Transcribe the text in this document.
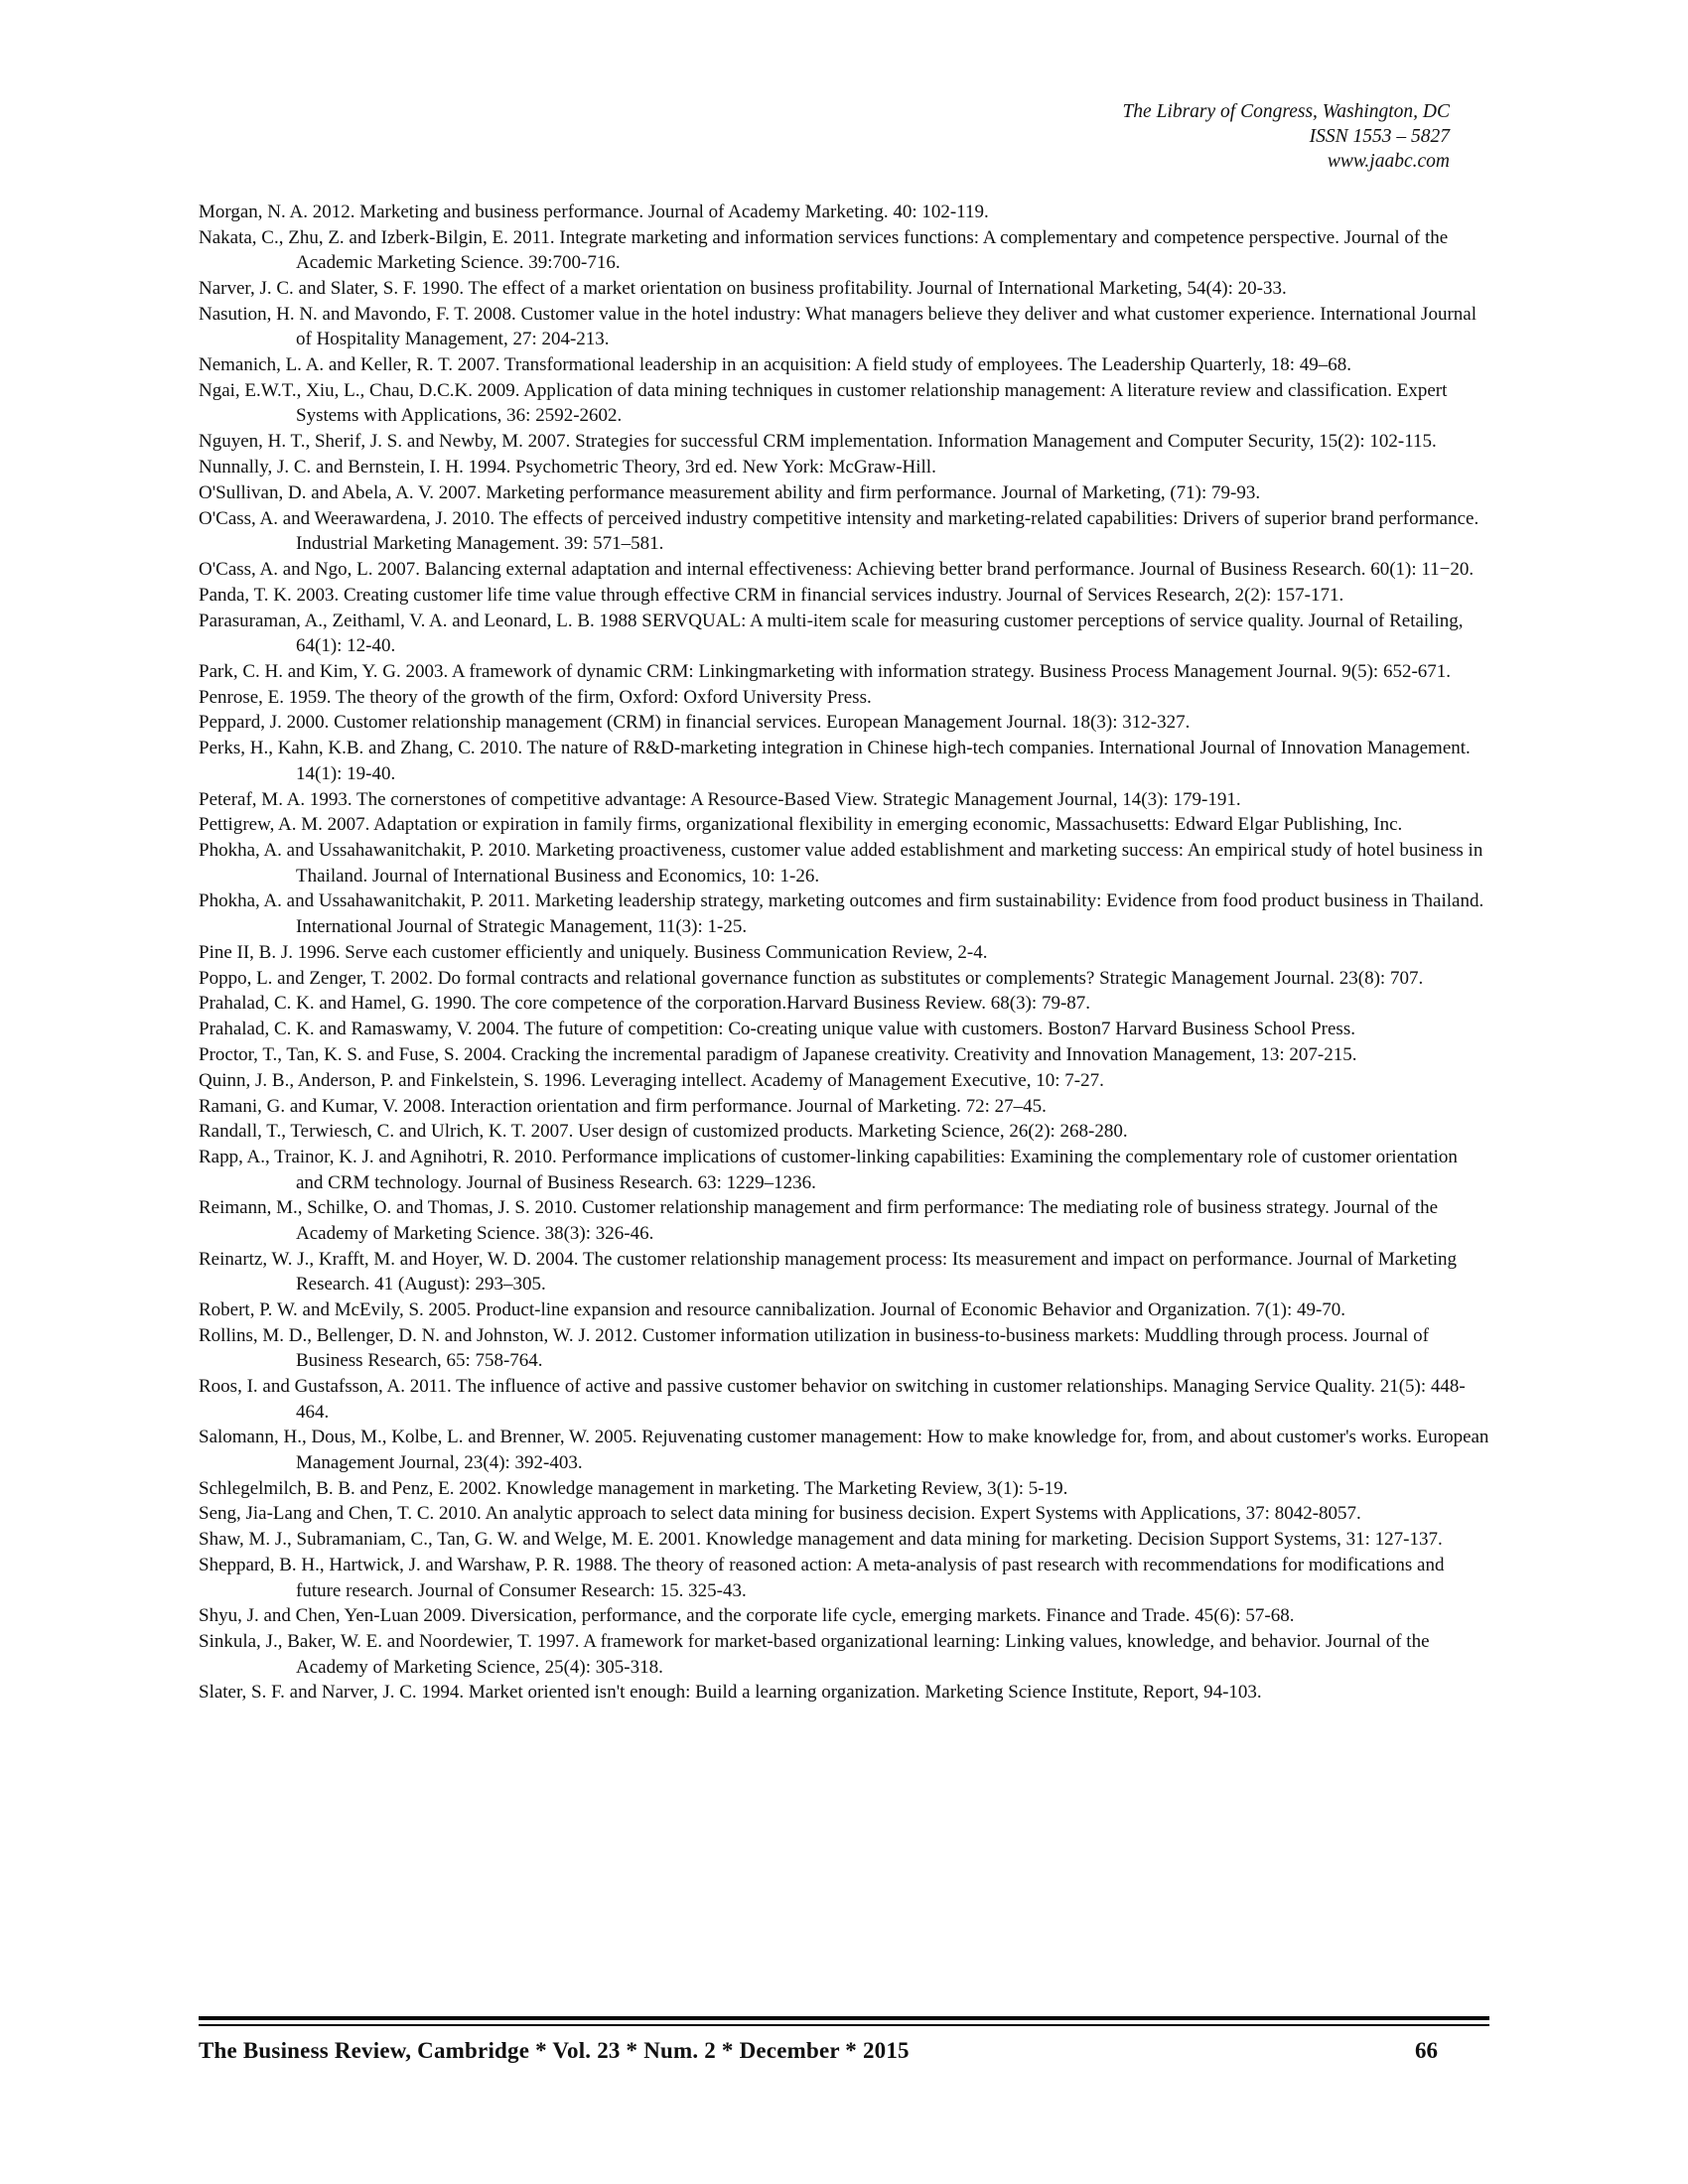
The Library of Congress, Washington, DC
ISSN 1553 – 5827
www.jaabc.com

Morgan, N. A. 2012. Marketing and business performance. Journal of Academy Marketing. 40: 102-119.

Nakata, C., Zhu, Z. and Izberk-Bilgin, E. 2011. Integrate marketing and information services functions: A complementary and competence perspective. Journal of the Academic Marketing Science. 39:700-716.

Narver, J. C. and Slater, S. F. 1990. The effect of a market orientation on business profitability. Journal of International Marketing, 54(4): 20-33.

Nasution, H. N. and Mavondo, F. T. 2008. Customer value in the hotel industry: What managers believe they deliver and what customer experience. International Journal of Hospitality Management, 27: 204-213.

Nemanich, L. A. and Keller, R. T. 2007. Transformational leadership in an acquisition: A field study of employees. The Leadership Quarterly, 18: 49–68.

Ngai, E.W.T., Xiu, L., Chau, D.C.K. 2009. Application of data mining techniques in customer relationship management: A literature review and classification. Expert Systems with Applications, 36: 2592-2602.

Nguyen, H. T., Sherif, J. S. and Newby, M. 2007. Strategies for successful CRM implementation. Information Management and Computer Security, 15(2): 102-115.

Nunnally, J. C. and Bernstein, I. H. 1994. Psychometric Theory, 3rd ed. New York: McGraw-Hill.

O'Sullivan, D. and Abela, A. V. 2007. Marketing performance measurement ability and firm performance. Journal of Marketing, (71): 79-93.

O'Cass, A. and Weerawardena, J. 2010. The effects of perceived industry competitive intensity and marketing-related capabilities: Drivers of superior brand performance. Industrial Marketing Management. 39: 571–581.

O'Cass, A. and Ngo, L. 2007. Balancing external adaptation and internal effectiveness: Achieving better brand performance. Journal of Business Research. 60(1): 11−20.

Panda, T. K. 2003. Creating customer life time value through effective CRM in financial services industry. Journal of Services Research, 2(2): 157-171.

Parasuraman, A., Zeithaml, V. A. and Leonard, L. B. 1988 SERVQUAL: A multi-item scale for measuring customer perceptions of service quality. Journal of Retailing, 64(1): 12-40.

Park, C. H. and Kim, Y. G. 2003. A framework of dynamic CRM: Linkingmarketing with information strategy. Business Process Management Journal. 9(5): 652-671.

Penrose, E. 1959. The theory of the growth of the firm, Oxford: Oxford University Press.

Peppard, J. 2000. Customer relationship management (CRM) in financial services. European Management Journal. 18(3): 312-327.

Perks, H., Kahn, K.B. and Zhang, C. 2010. The nature of R&D-marketing integration in Chinese high-tech companies. International Journal of Innovation Management. 14(1): 19-40.

Peteraf, M. A. 1993. The cornerstones of competitive advantage: A Resource-Based View. Strategic Management Journal, 14(3): 179-191.

Pettigrew, A. M. 2007. Adaptation or expiration in family firms, organizational flexibility in emerging economic, Massachusetts: Edward Elgar Publishing, Inc.

Phokha, A. and Ussahawanitchakit, P. 2010. Marketing proactiveness, customer value added establishment and marketing success: An empirical study of hotel business in Thailand. Journal of International Business and Economics, 10: 1-26.

Phokha, A. and Ussahawanitchakit, P. 2011. Marketing leadership strategy, marketing outcomes and firm sustainability: Evidence from food product business in Thailand. International Journal of Strategic Management, 11(3): 1-25.

Pine II, B. J. 1996. Serve each customer efficiently and uniquely. Business Communication Review, 2-4.

Poppo, L. and Zenger, T. 2002. Do formal contracts and relational governance function as substitutes or complements? Strategic Management Journal. 23(8): 707.

Prahalad, C. K. and Hamel, G. 1990. The core competence of the corporation.Harvard Business Review. 68(3): 79-87.

Prahalad, C. K. and Ramaswamy, V. 2004. The future of competition: Co-creating unique value with customers. Boston7 Harvard Business School Press.

Proctor, T., Tan, K. S. and Fuse, S. 2004. Cracking the incremental paradigm of Japanese creativity. Creativity and Innovation Management, 13: 207-215.

Quinn, J. B., Anderson, P. and Finkelstein, S. 1996. Leveraging intellect. Academy of Management Executive, 10: 7-27.

Ramani, G. and Kumar, V. 2008. Interaction orientation and firm performance. Journal of Marketing. 72: 27–45.

Randall, T., Terwiesch, C. and Ulrich, K. T. 2007. User design of customized products. Marketing Science, 26(2): 268-280.

Rapp, A., Trainor, K. J. and Agnihotri, R. 2010. Performance implications of customer-linking capabilities: Examining the complementary role of customer orientation and CRM technology. Journal of Business Research. 63: 1229–1236.

Reimann, M., Schilke, O. and Thomas, J. S. 2010. Customer relationship management and firm performance: The mediating role of business strategy. Journal of the Academy of Marketing Science. 38(3): 326-46.

Reinartz, W. J., Krafft, M. and Hoyer, W. D. 2004. The customer relationship management process: Its measurement and impact on performance. Journal of Marketing Research. 41 (August): 293–305.

Robert, P. W. and McEvily, S. 2005. Product-line expansion and resource cannibalization. Journal of Economic Behavior and Organization. 7(1): 49-70.

Rollins, M. D., Bellenger, D. N. and Johnston, W. J. 2012. Customer information utilization in business-to-business markets: Muddling through process. Journal of Business Research, 65: 758-764.

Roos, I. and Gustafsson, A. 2011. The influence of active and passive customer behavior on switching in customer relationships. Managing Service Quality. 21(5): 448-464.

Salomann, H., Dous, M., Kolbe, L. and Brenner, W. 2005. Rejuvenating customer management: How to make knowledge for, from, and about customer's works. European Management Journal, 23(4): 392-403.

Schlegelmilch, B. B. and Penz, E. 2002. Knowledge management in marketing. The Marketing Review, 3(1): 5-19.

Seng, Jia-Lang and Chen, T. C. 2010. An analytic approach to select data mining for business decision. Expert Systems with Applications, 37: 8042-8057.

Shaw, M. J., Subramaniam, C., Tan, G. W. and Welge, M. E. 2001. Knowledge management and data mining for marketing. Decision Support Systems, 31: 127-137.

Sheppard, B. H., Hartwick, J. and Warshaw, P. R. 1988. The theory of reasoned action: A meta-analysis of past research with recommendations for modifications and future research. Journal of Consumer Research: 15. 325-43.

Shyu, J. and Chen, Yen-Luan 2009. Diversication, performance, and the corporate life cycle, emerging markets. Finance and Trade. 45(6): 57-68.

Sinkula, J., Baker, W. E. and Noordewier, T. 1997. A framework for market-based organizational learning: Linking values, knowledge, and behavior. Journal of the Academy of Marketing Science, 25(4): 305-318.

Slater, S. F. and Narver, J. C. 1994. Market oriented isn't enough: Build a learning organization. Marketing Science Institute, Report, 94-103.

The Business Review, Cambridge * Vol. 23 * Num. 2 * December * 2015	66
